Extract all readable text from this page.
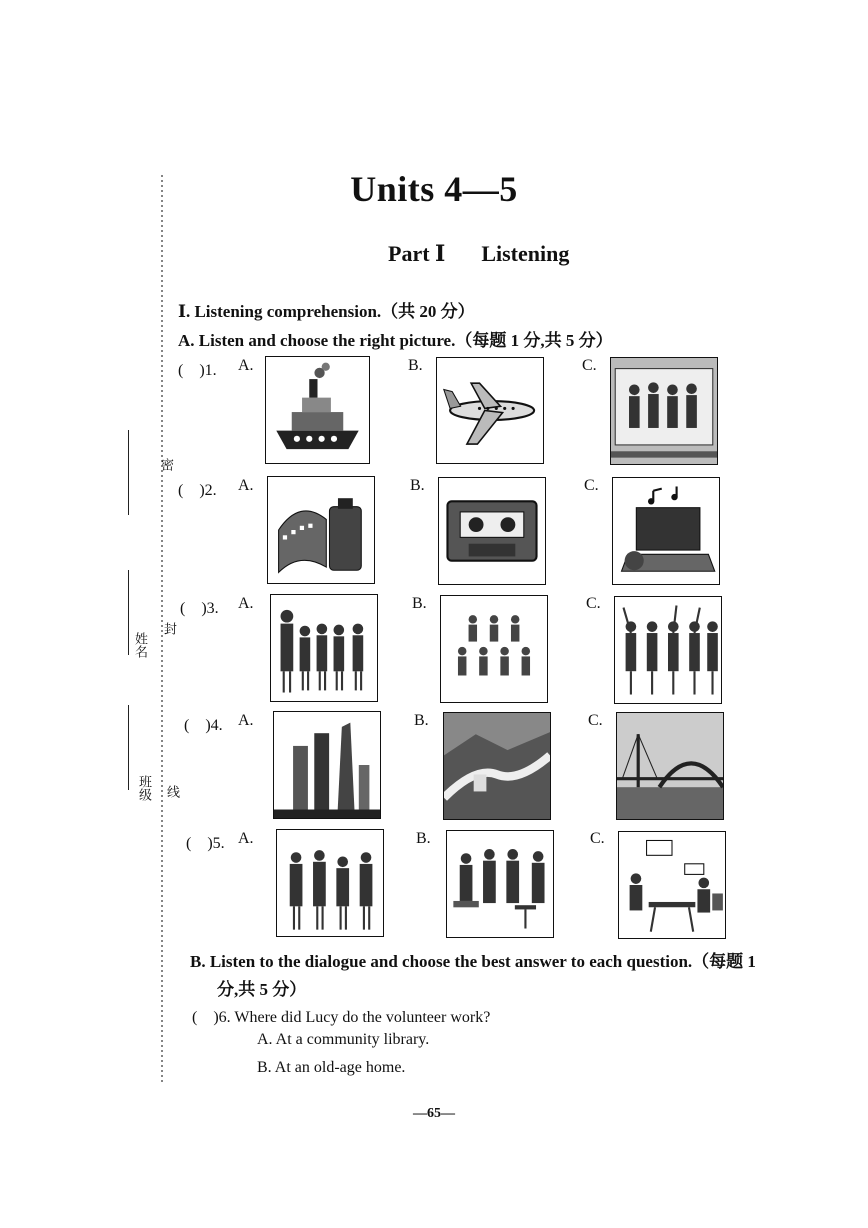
密
封
线
姓名
班级
Units 4—5
Part Ⅰ Listening
Ⅰ. Listening comprehension.（共 20 分）
A. Listen and choose the right picture.（每题 1 分,共 5 分）
(　)1. A.	B.	C.
(　)2. A.	B.	C.
(　)3. A.	B.	C.
(　)4. A.	B.	C.
(　)5. A.	B.	C.
B. Listen to the dialogue and choose the best answer to each question.（每题 1
分,共 5 分）
(　)6. Where did Lucy do the volunteer work?
A. At a community library.
B. At an old-age home.
—65—
